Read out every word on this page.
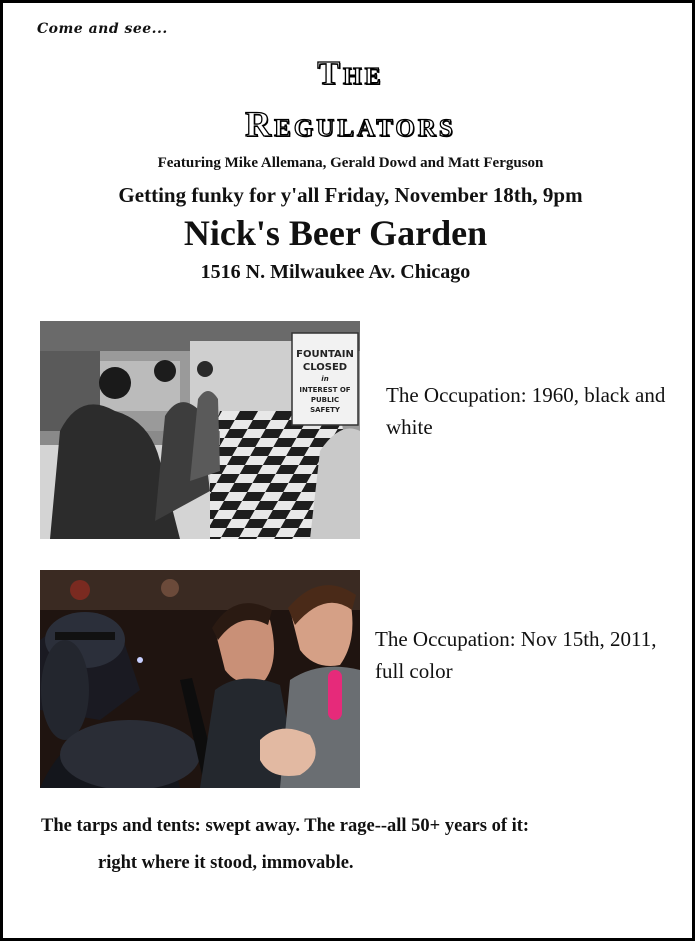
Come and see...
The
Regulators
Featuring Mike Allemana, Gerald Dowd and Matt Ferguson
Getting funky for y'all Friday, November 18th, 9pm
Nick's Beer Garden
1516 N. Milwaukee Av. Chicago
FOUNTAIN
CLOSED
in
INTEREST OF
PUBLIC
SAFETY
The Occupation: 1960, black and white
The Occupation: Nov 15th, 2011, full color
The tarps and tents: swept away. The rage--all 50+ years of it:
right where it stood, immovable.
